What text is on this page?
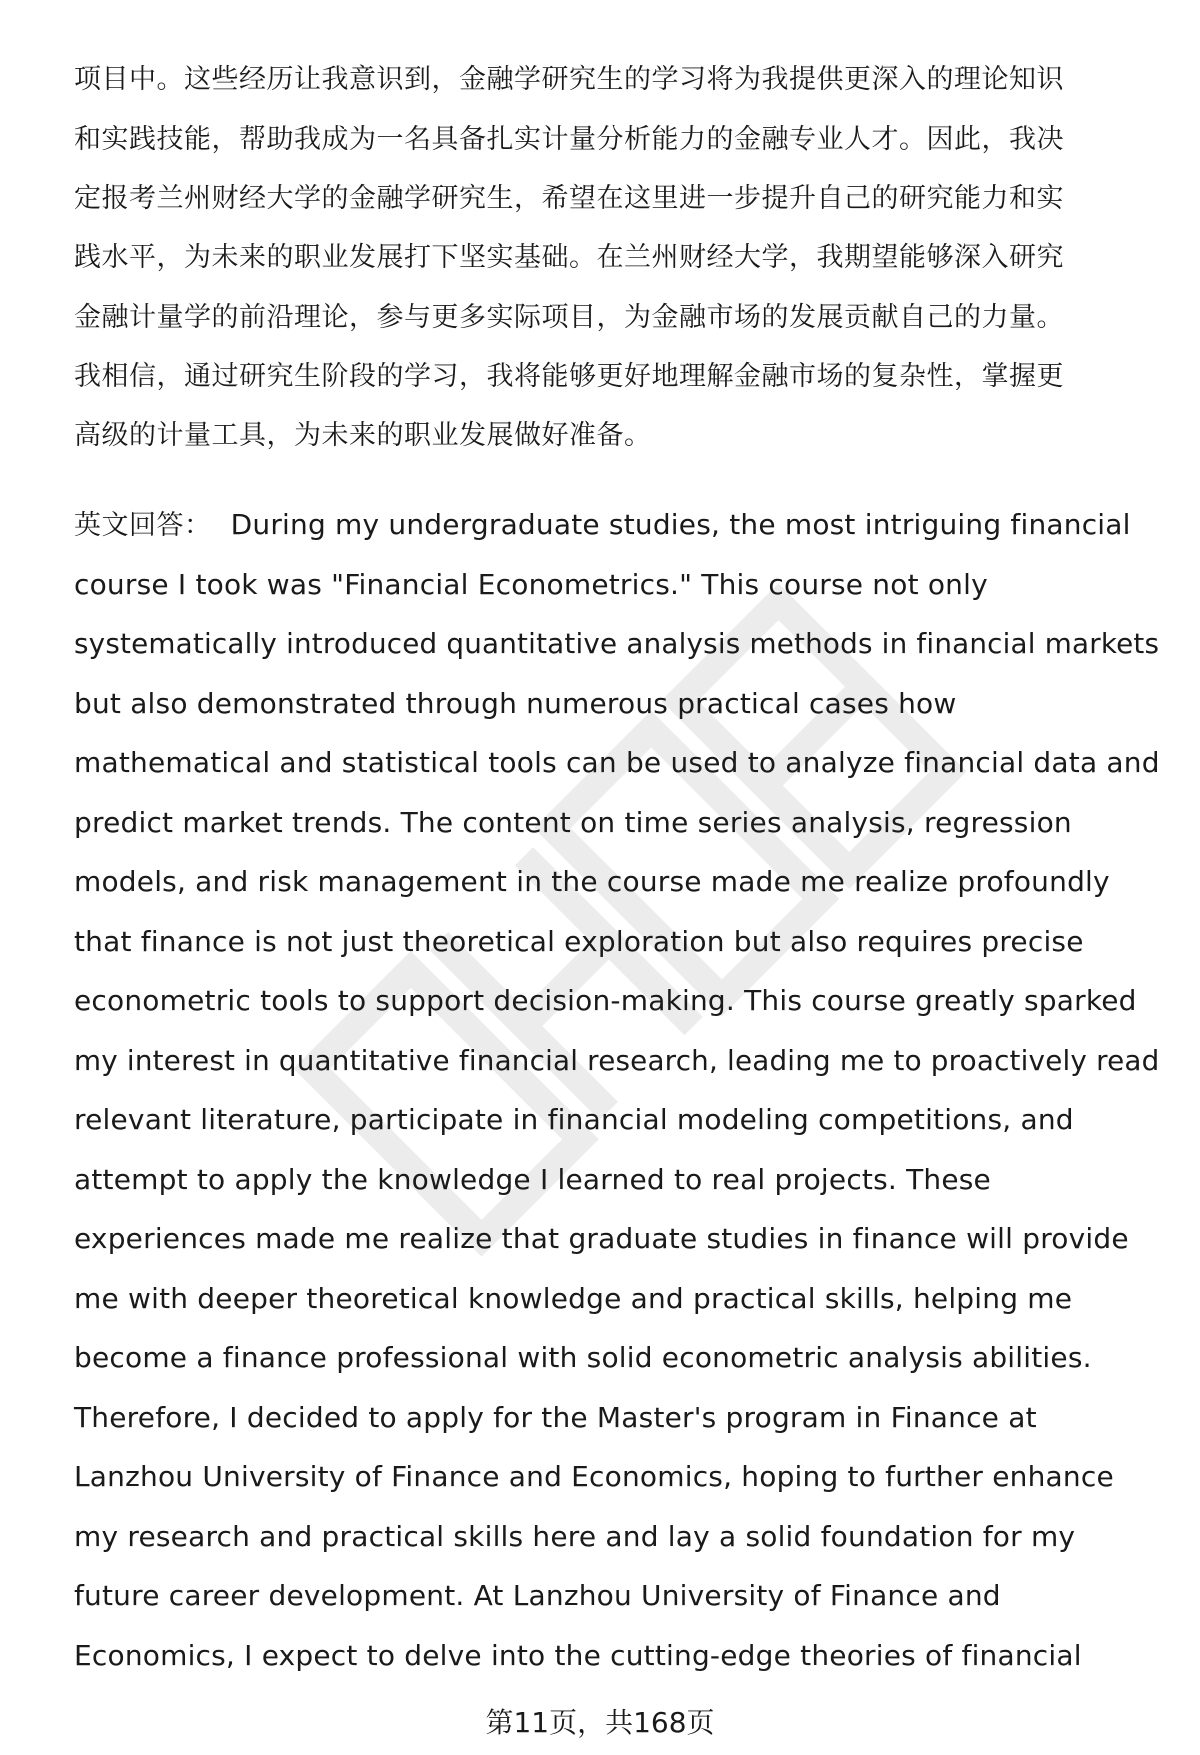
项目中。这些经历让我意识到，金融学研究生的学习将为我提供更深入的理论知识
和实践技能，帮助我成为一名具备扎实计量分析能力的金融专业人才。因此，我决
定报考兰州财经大学的金融学研究生，希望在这里进一步提升自己的研究能力和实
践水平，为未来的职业发展打下坚实基础。在兰州财经大学，我期望能够深入研究
金融计量学的前沿理论，参与更多实际项目，为金融市场的发展贡献自己的力量。
我相信，通过研究生阶段的学习，我将能够更好地理解金融市场的复杂性，掌握更
高级的计量工具，为未来的职业发展做好准备。
英文回答： During my undergraduate studies, the most intriguing financial
course I took was "Financial Econometrics." This course not only
systematically introduced quantitative analysis methods in financial markets
but also demonstrated through numerous practical cases how
mathematical and statistical tools can be used to analyze financial data and
predict market trends. The content on time series analysis, regression
models, and risk management in the course made me realize profoundly
that finance is not just theoretical exploration but also requires precise
econometric tools to support decision-making. This course greatly sparked
my interest in quantitative financial research, leading me to proactively read
relevant literature, participate in financial modeling competitions, and
attempt to apply the knowledge I learned to real projects. These
experiences made me realize that graduate studies in finance will provide
me with deeper theoretical knowledge and practical skills, helping me
become a finance professional with solid econometric analysis abilities.
Therefore, I decided to apply for the Master's program in Finance at
Lanzhou University of Finance and Economics, hoping to further enhance
my research and practical skills here and lay a solid foundation for my
future career development. At Lanzhou University of Finance and
Economics, I expect to delve into the cutting-edge theories of financial
第11页，共168页
